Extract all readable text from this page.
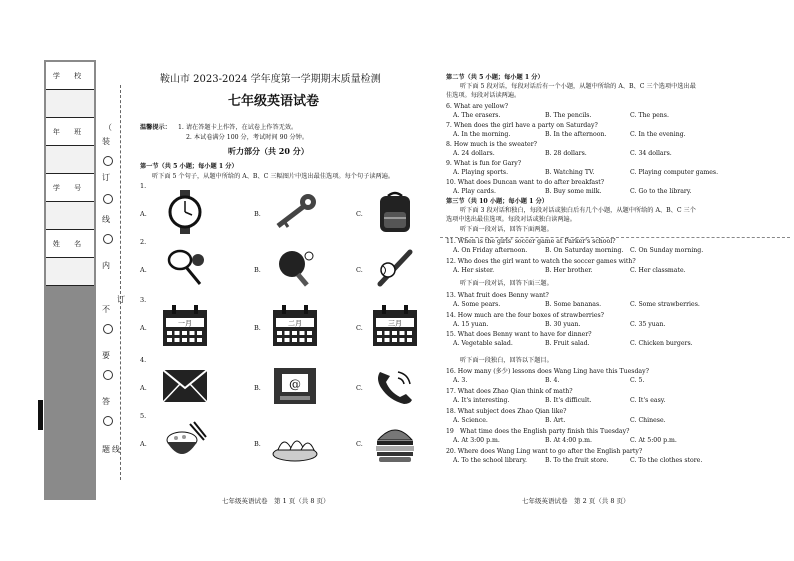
学 校
年 班
学 号
姓 名
装
订
线
内
不
要
答
题
（
订
线
鞍山市 2023-2024 学年度第一学期期末质量检测
七年级英语试卷
温馨提示： 1. 请在答题卡上作答，在试卷上作答无效。
2. 本试卷满分 100 分，考试时间 90 分钟。
听力部分（共 20 分）
第一节（共 5 小题；每小题 1 分）
听下面 5 个句子，从题中所给的 A、B、C 三幅图片中选出最佳选项。每个句子读两遍。
1.
A.	B.	C.
2.
A.	B.	C.
3.
A.
一月
B.
二月
C.
三月
4.
A.	B. @	C.
5.
A.	B.	C.
七年级英语试卷　第 1 页（共 8 页）
第二节（共 5 小题；每小题 1 分）
听下面 5 段对话，每段对话后有一个小题，从题中所给的 A、B、C 三个选项中选出最
佳选项。每段对话读两遍。
第三节（共 10 小题；每小题 1 分）
听下面 3 段对话和独白，每段对话或独白后有几个小题，从题中所给的 A、B、C 三个
选项中选出最佳选项。每段对话或独白读两遍。
听下面一段对话，回答下面两题。
听下面一段对话，回答下面三题。
听下面一段独白，回答以下题目。
6. What are yellow?
A. The erasers.	B. The pencils.	C. The pens.
7. When does the girl have a party on Saturday?
A. In the morning.	B. In the afternoon.	C. In the evening.
8. How much is the sweater?
A. 24 dollars.	B. 28 dollars.	C. 34 dollars.
9. What is fun for Gary?
A. Playing sports.	B. Watching TV.	C. Playing computer games.
10. What does Duncan want to do after breakfast?
A. Play cards.	B. Buy some milk.	C. Go to the library.
11. When is the girls' soccer game at Parker's school?
A. On Friday afternoon.	B. On Saturday morning. C. On Sunday morning.
12. Who does the girl want to watch the soccer games with?
A. Her sister.	B. Her brother.	C. Her classmate.
13. What fruit does Benny want?
A. Some pears.	B. Some bananas.	C. Some strawberries.
14. How much are the four boxes of strawberries?
A. 15 yuan.	B. 30 yuan.	C. 35 yuan.
15. What does Benny want to have for dinner?
A. Vegetable salad.	B. Fruit salad.	C. Chicken burgers.
16. How many (多少) lessons does Wang Ling have this Tuesday?
A. 3.	B. 4.	C. 5.
17. What does Zhao Qian think of math?
A. It's interesting.	B. It's difficult.	C. It's easy.
18. What subject does Zhao Qian like?
A. Science.	B. Art.	C. Chinese.
19　What time does the English party finish this Tuesday?
A. At 3:00 p.m.	B. At 4:00 p.m.	C. At 5:00 p.m.
20. Where does Wang Ling want to go after the English party?
A. To the school library.	B. To the fruit store.	C. To the clothes store.
七年级英语试卷　第 2 页（共 8 页）
